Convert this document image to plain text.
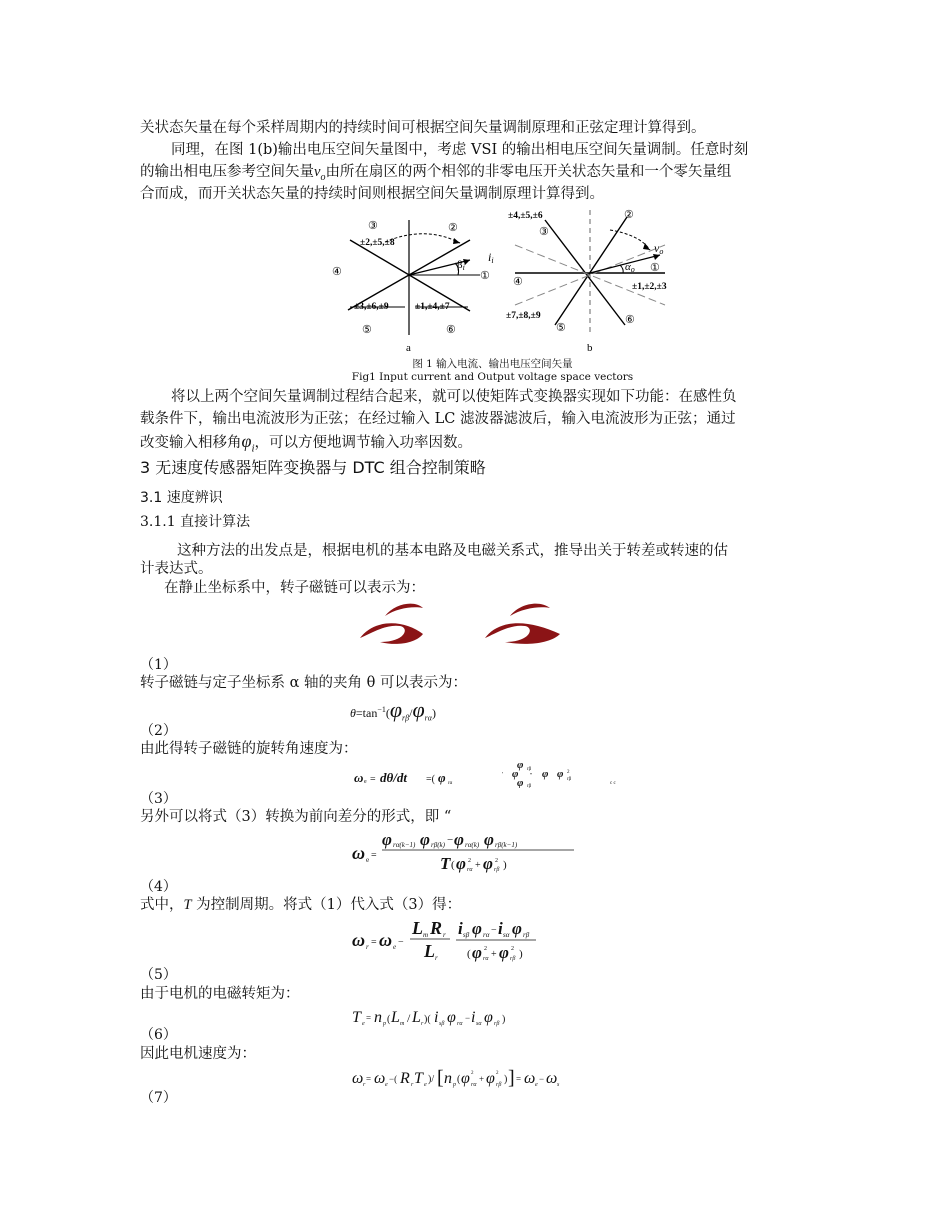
关状态矢量在每个采样周期内的持续时间可根据空间矢量调制原理和正弦定理计算得到。
同理，在图 1(b)输出电压空间矢量图中，考虑 VSI 的输出相电压空间矢量调制。任意时刻
的输出相电压参考空间矢量$v_o$由所在扇区的两个相邻的非零电压开关状态矢量和一个零矢量组
合而成，而开关状态矢量的持续时间则根据空间矢量调制原理计算得到。
③	②
④	①
⑤	⑥
±2,±5,±8
±3,±6,±9	±1,±4,±7
βi
ii
a
±4,±5,±6
±1,±2,±3
±7,±8,±9
③
②
④
①
⑤
⑥
αo
vo
b
图 1 输入电流、输出电压空间矢量
Fig1 Input current and Output voltage space vectors
将以上两个空间矢量调制过程结合起来，就可以使矩阵式变换器实现如下功能：在感性负
载条件下，输出电流波形为正弦；在经过输入 LC 滤波器滤波后，输入电流波形为正弦；通过
改变输入相移角$\varphi_i$，可以方便地调节输入功率因数。
3 无速度传感器矩阵变换器与 DTC 组合控制策略
3.1 速度辨识
3.1.1 直接计算法
这种方法的出发点是，根据电机的基本电路及电磁关系式，推导出关于转差或转速的估
计表达式。
在静止坐标系中，转子磁链可以表示为：
（1）
转子磁链与定子坐标系 α 轴的夹角 θ 可以表示为：
$\theta=\tan^{-1}(\varphi_{r\beta}/\varphi_{r\alpha})$
（2）
由此得转子磁链的旋转角速度为：
ω e = dθ/dt =( φ rα
φ rβ
' φ '' φ φ 2
rβ
φ rβ
c c
（3）
另外可以将式（3）转换为前向差分的形式，即 “
ω e =
φ rα(k−1) φ rβ(k) − φ rα(k) φ rβ(k−1)
T ( φ 2
rα + φ 2
rβ )
（4）
式中，T 为控制周期。将式（1）代入式（3）得：
ω r = ω e −
L m R r
L r
i sβ φ rα − i sα φ rβ
( φ 2
rα + φ 2
rβ )
（5）
由于电机的电磁转矩为：
T e
= n p ( L m / L r )( i sβ φ rα
− i sα φ rβ )
（6）
因此电机速度为：
ω r
= ω e
−( R r T e )/ [ n p ( φ 2
rα
+ φ 2
rβ ) ] = ω e
− ω s
（7）
